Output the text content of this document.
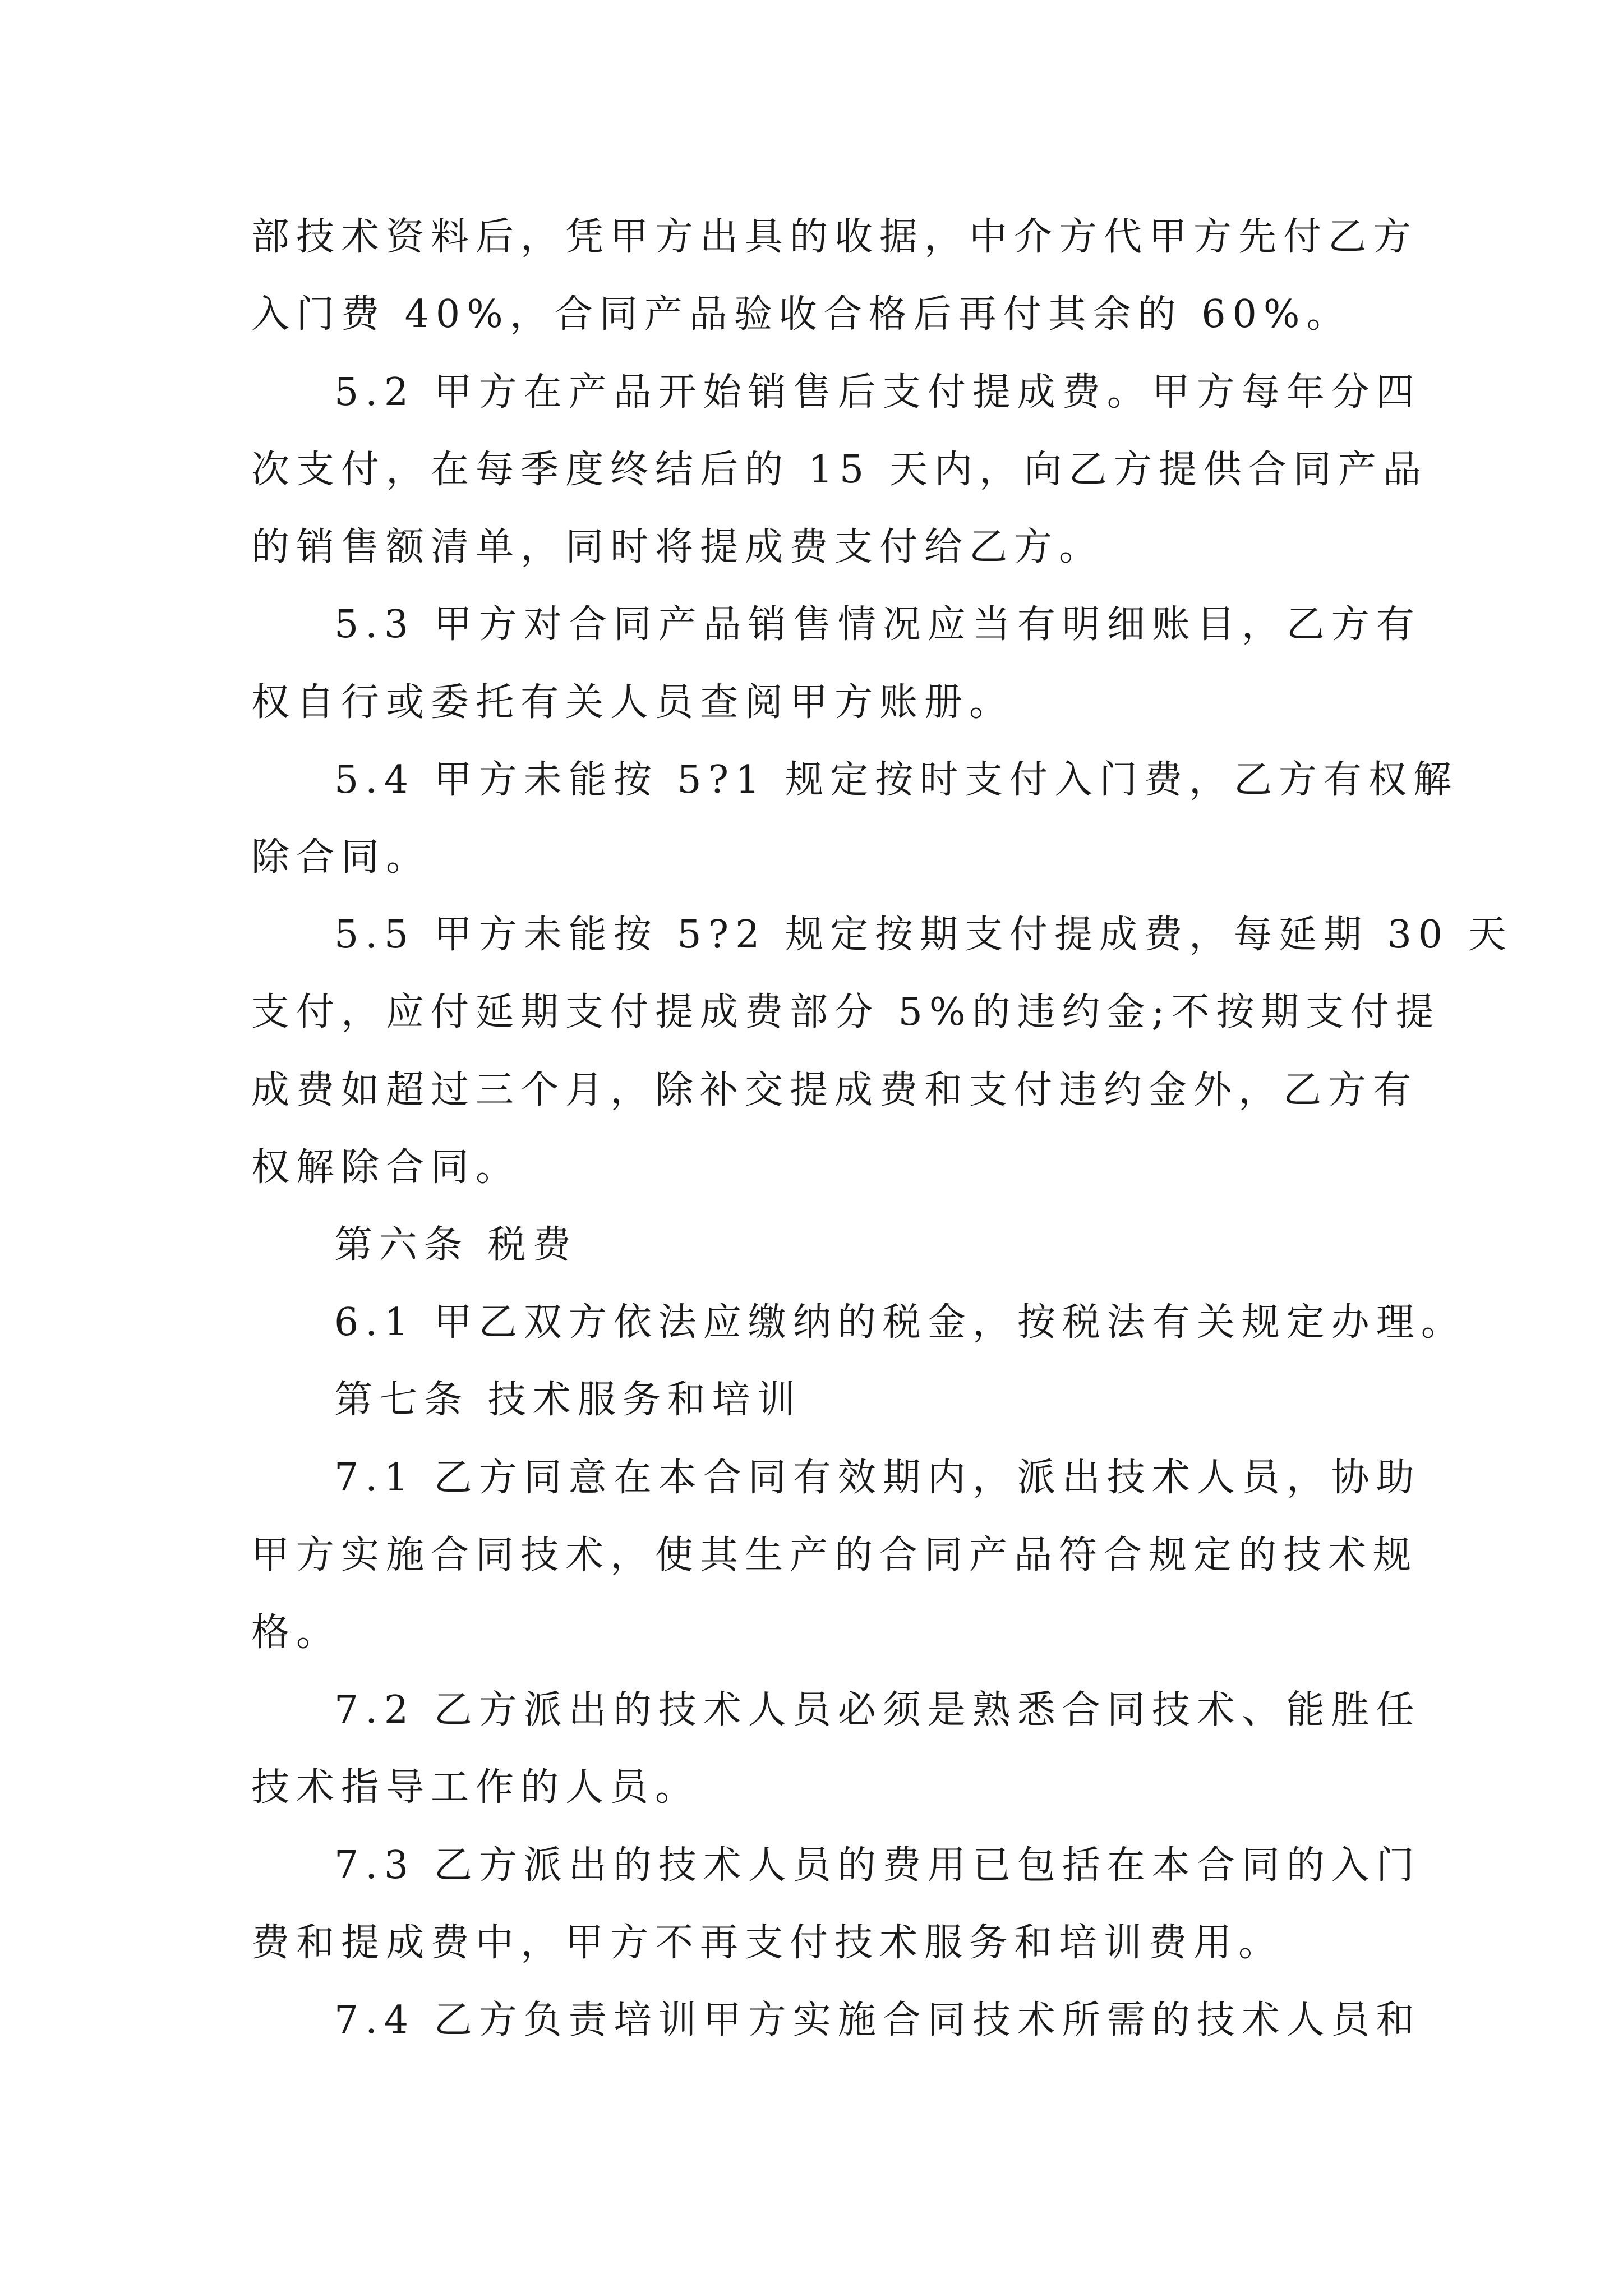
部技术资料后，凭甲方出具的收据，中介方代甲方先付乙方
入门费 40%，合同产品验收合格后再付其余的 60%。
5.2 甲方在产品开始销售后支付提成费。甲方每年分四
次支付，在每季度终结后的 15 天内，向乙方提供合同产品
的销售额清单，同时将提成费支付给乙方。
5.3 甲方对合同产品销售情况应当有明细账目，乙方有
权自行或委托有关人员查阅甲方账册。
5.4 甲方未能按 5?1 规定按时支付入门费，乙方有权解
除合同。
5.5 甲方未能按 5?2 规定按期支付提成费，每延期 30 天
支付，应付延期支付提成费部分 5%的违约金;不按期支付提
成费如超过三个月，除补交提成费和支付违约金外，乙方有
权解除合同。
第六条 税费
6.1 甲乙双方依法应缴纳的税金，按税法有关规定办理。
第七条 技术服务和培训
7.1 乙方同意在本合同有效期内，派出技术人员，协助
甲方实施合同技术，使其生产的合同产品符合规定的技术规
格。
7.2 乙方派出的技术人员必须是熟悉合同技术、能胜任
技术指导工作的人员。
7.3 乙方派出的技术人员的费用已包括在本合同的入门
费和提成费中，甲方不再支付技术服务和培训费用。
7.4 乙方负责培训甲方实施合同技术所需的技术人员和
